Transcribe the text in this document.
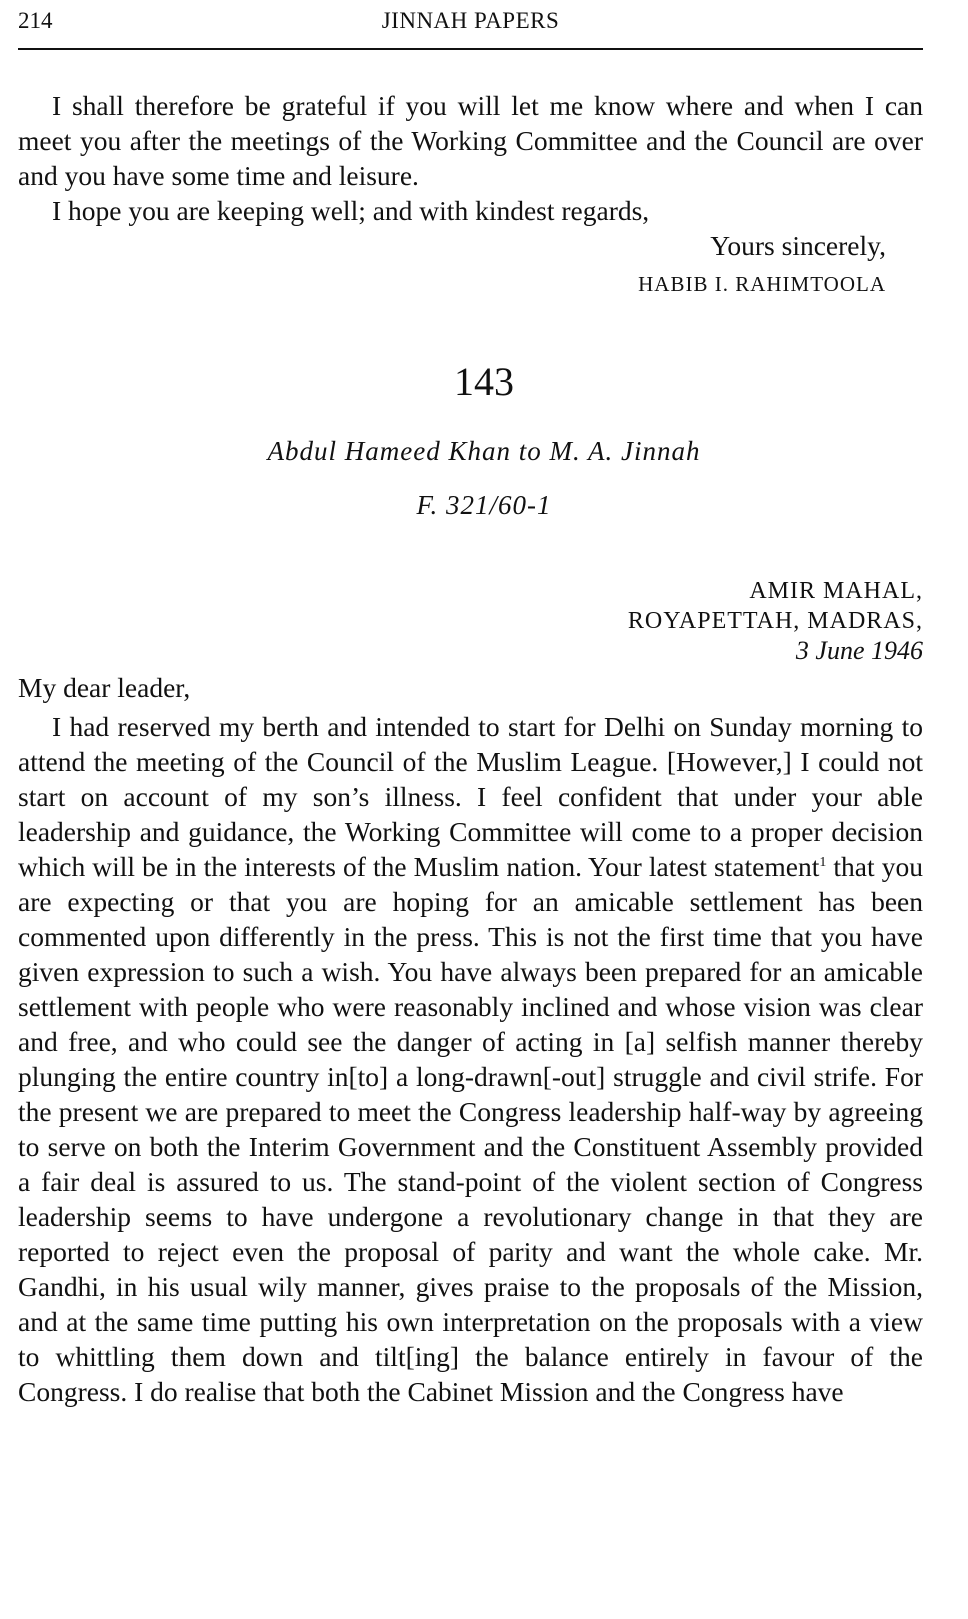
214	JINNAH PAPERS

I shall therefore be grateful if you will let me know where and when I can meet you after the meetings of the Working Committee and the Council are over and you have some time and leisure.

I hope you are keeping well; and with kindest regards,

Yours sincerely,
HABIB I. RAHIMTOOLA
143
Abdul Hameed Khan to M. A. Jinnah
F. 321/60-1
AMIR MAHAL,
ROYAPETTAH, MADRAS,
3 June 1946
My dear leader,

I had reserved my berth and intended to start for Delhi on Sunday morning to attend the meeting of the Council of the Muslim League. [However,] I could not start on account of my son’s illness. I feel confident that under your able leadership and guidance, the Working Committee will come to a proper decision which will be in the interests of the Muslim nation. Your latest statement$^1$ that you are expecting or that you are hoping for an amicable settlement has been commented upon differently in the press. This is not the first time that you have given expression to such a wish. You have always been prepared for an amicable settlement with people who were reasonably inclined and whose vision was clear and free, and who could see the danger of acting in [a] selfish manner thereby plunging the entire country in[to] a long-drawn[-out] struggle and civil strife. For the present we are prepared to meet the Congress leadership half-way by agreeing to serve on both the Interim Government and the Constituent Assembly provided a fair deal is assured to us. The stand-point of the violent section of Congress leadership seems to have undergone a revolutionary change in that they are reported to reject even the proposal of parity and want the whole cake. Mr. Gandhi, in his usual wily manner, gives praise to the proposals of the Mission, and at the same time putting his own interpretation on the proposals with a view to whittling them down and tilt[ing] the balance entirely in favour of the Congress. I do realise that both the Cabinet Mission and the Congress have
